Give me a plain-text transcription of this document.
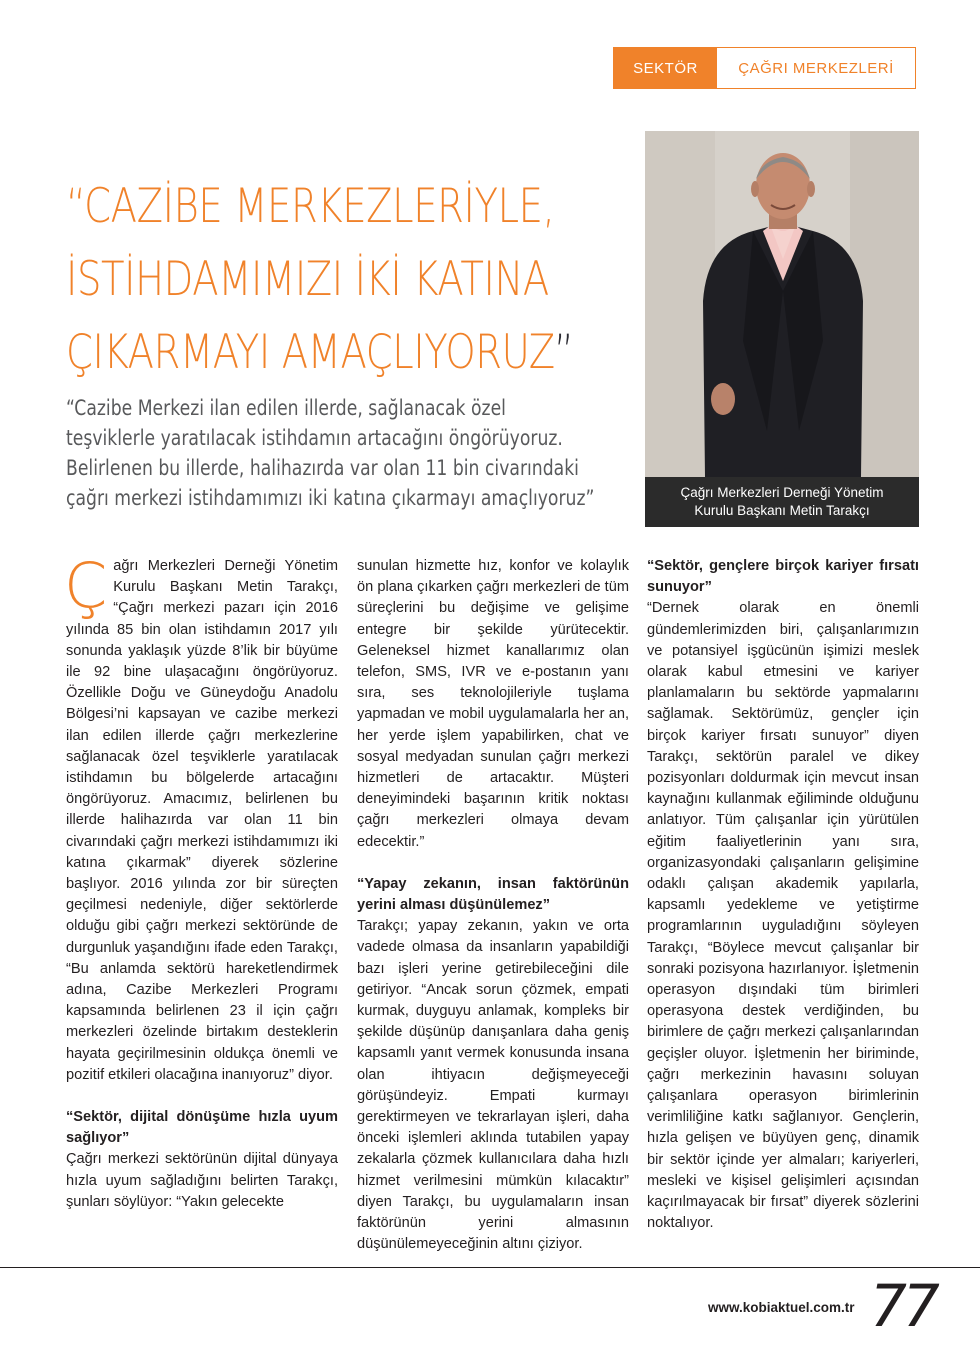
SEKTÖR	ÇAĞRI MERKEZLERİ
“CAZİBE MERKEZLERİYLE,
İSTİHDAMIMIZI İKİ KATINA
ÇIKARMAYI AMAÇLIYORUZ”

“Cazibe Merkezi ilan edilen illerde, sağlanacak özel
teşviklerle yaratılacak istihdamın artacağını öngörüyoruz.
Belirlenen bu illerde, halihazırda var olan 11 bin civarındaki
çağrı merkezi istihdamımızı iki katına çıkarmayı amaçlıyoruz”	Çağrı Merkezleri Derneği Yönetim
Kurulu Başkanı Metin Tarakçı

Çağrı Merkezleri Derneği Yönetim Kurulu Başkanı Metin Tarakçı, “Çağrı merkezi pazarı için 2016 yılında 85 bin olan istihdamın 2017 yılı sonunda yaklaşık yüzde 8’lik bir büyüme ile 92 bine ulaşacağını öngörüyoruz. Özellikle Doğu ve Güneydoğu Anadolu Bölgesi’ni kapsayan ve cazibe merkezi ilan edilen illerde çağrı merkezlerine sağlanacak özel teşviklerle yaratılacak istihdamın bu bölgelerde artacağını öngörüyoruz. Amacımız, belirlenen bu illerde halihazırda var olan 11 bin civarındaki çağrı merkezi istihdamımızı iki katına çıkarmak” diyerek sözlerine başlıyor. 2016 yılında zor bir süreçten geçilmesi nedeniyle, diğer sektörlerde olduğu gibi çağrı merkezi sektöründe de durgunluk yaşandığını ifade eden Tarakçı, “Bu anlamda sektörü hareketlendirmek adına, Cazibe Merkezleri Programı kapsamında belirlenen 23 il için çağrı merkezleri özelinde birtakım desteklerin hayata geçirilmesinin oldukça önemli ve pozitif etkileri olacağına inanıyoruz” diyor.

“Sektör, dijital dönüşüme hızla uyum sağlıyor”

Çağrı merkezi sektörünün dijital dünyaya hızla uyum sağladığını belirten Tarakçı, şunları söylüyor: “Yakın gelecekte

sunulan hizmette hız, konfor ve kolaylık ön plana çıkarken çağrı merkezleri de tüm süreçlerini bu değişime ve gelişime entegre bir şekilde yürütecektir. Geleneksel hizmet kanallarımız olan telefon, SMS, IVR ve e-postanın yanı sıra, ses teknolojileriyle tuşlama yapmadan ve mobil uygulamalarla her an, her yerde işlem yapabilirken, chat ve sosyal medyadan sunulan çağrı merkezi hizmetleri de artacaktır. Müşteri deneyimindeki başarının kritik noktası çağrı merkezleri olmaya devam edecektir.”

“Yapay zekanın, insan faktörünün yerini alması düşünülemez”

Tarakçı; yapay zekanın, yakın ve orta vadede olmasa da insanların yapabildiği bazı işleri yerine getirebileceğini dile getiriyor. “Ancak sorun çözmek, empati kurmak, duyguyu anlamak, kompleks bir şekilde düşünüp danışanlara daha geniş kapsamlı yanıt vermek konusunda insana olan ihtiyacın değişmeyeceği görüşündeyiz. Empati kurmayı gerektirmeyen ve tekrarlayan işleri, daha önceki işlemleri aklında tutabilen yapay zekalarla çözmek kullanıcılara daha hızlı hizmet verilmesini mümkün kılacaktır” diyen Tarakçı, bu uygulamaların insan faktörünün yerini almasının düşünülemeyeceğinin altını çiziyor.

“Sektör, gençlere birçok kariyer fırsatı sunuyor”

“Dernek olarak en önemli gündemlerimizden biri, çalışanlarımızın ve potansiyel işgücünün işimizi meslek olarak kabul etmesini ve kariyer planlamaların bu sektörde yapmalarını sağlamak. Sektörümüz, gençler için birçok kariyer fırsatı sunuyor” diyen Tarakçı, sektörün paralel ve dikey pozisyonları doldurmak için mevcut insan kaynağını kullanmak eğiliminde olduğunu anlatıyor. Tüm çalışanlar için yürütülen eğitim faaliyetlerinin yanı sıra, organizasyondaki çalışanların gelişimine odaklı çalışan akademik yapılarla, kapsamlı yedekleme ve yetiştirme programlarının uyguladığını söyleyen Tarakçı, “Böylece mevcut çalışanlar bir sonraki pozisyona hazırlanıyor. İşletmenin operasyon dışındaki tüm birimleri operasyona destek verdiğinden, bu birimlere de çağrı merkezi çalışanlarından geçişler oluyor. İşletmenin her biriminde, çağrı merkezinin havasını soluyan çalışanlara operasyon birimlerinin verimliliğine katkı sağlanıyor. Gençlerin, hızla gelişen ve büyüyen genç, dinamik bir sektör içinde yer almaları; kariyerleri, mesleki ve kişisel gelişimleri açısından kaçırılmayacak bir fırsat” diyerek sözlerini noktalıyor.

www.kobiaktuel.com.tr 77
